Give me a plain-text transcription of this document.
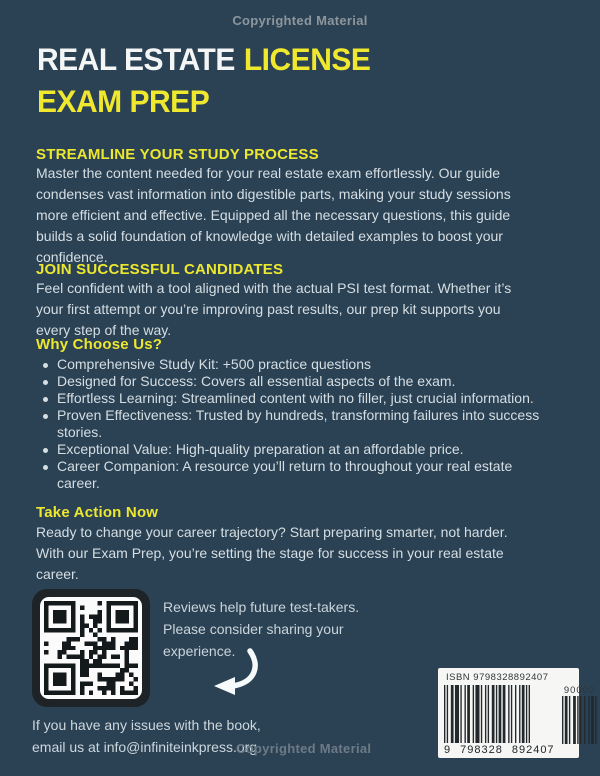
Copyrighted Material
REAL ESTATE LICENSE
EXAM PREP
STREAMLINE YOUR STUDY PROCESS
Master the content needed for your real estate exam effortlessly. Our guide condenses vast information into digestible parts, making your study sessions more efficient and effective. Equipped all the necessary questions, this guide builds a solid foundation of knowledge with detailed examples to boost your confidence.
JOIN SUCCESSFUL CANDIDATES
Feel confident with a tool aligned with the actual PSI test format. Whether it’s your first attempt or you’re improving past results, our prep kit supports you every step of the way.
Why Choose Us?
Comprehensive Study Kit: +500 practice questions
Designed for Success: Covers all essential aspects of the exam.
Effortless Learning: Streamlined content with no filler, just crucial information.
Proven Effectiveness: Trusted by hundreds, transforming failures into success stories.
Exceptional Value: High-quality preparation at an affordable price.
Career Companion: A resource you’ll return to throughout your real estate career.
Take Action Now
Ready to change your career trajectory? Start preparing smarter, not harder. With our Exam Prep, you’re setting the stage for success in your real estate career.
Reviews help future test-takers. Please consider sharing your experience.
ISBN 9798328892407
9 798328 892407
90000
If you have any issues with the book,
email us at info@infiniteinkpress.org
Copyrighted Material
